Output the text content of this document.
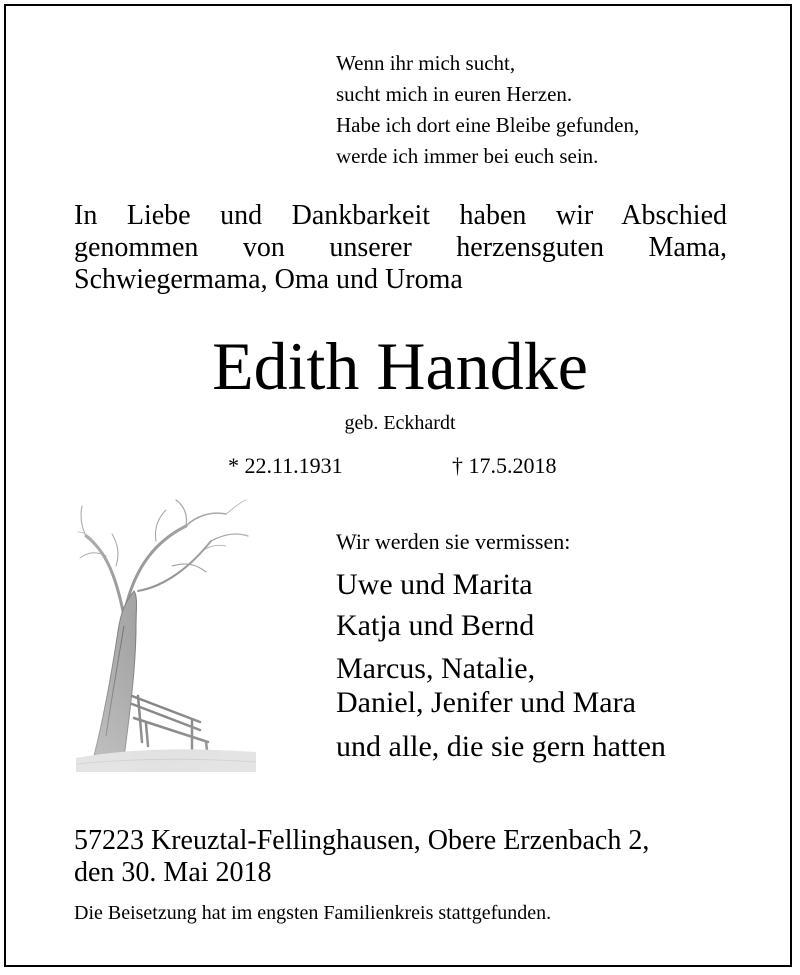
Wenn ihr mich sucht,
sucht mich in euren Herzen.
Habe ich dort eine Bleibe gefunden,
werde ich immer bei euch sein.
In Liebe und Dankbarkeit haben wir Abschied
genommen von unserer herzensguten Mama,
Schwiegermama, Oma und Uroma
Edith Handke
geb. Eckhardt
* 22.11.1931	† 17.5.2018
Wir werden sie vermissen:
Uwe und Marita
Katja und Bernd
Marcus, Natalie,
Daniel, Jenifer und Mara
und alle, die sie gern hatten
57223 Kreuztal-Fellinghausen, Obere Erzenbach 2,
den 30. Mai 2018
Die Beisetzung hat im engsten Familienkreis stattgefunden.
